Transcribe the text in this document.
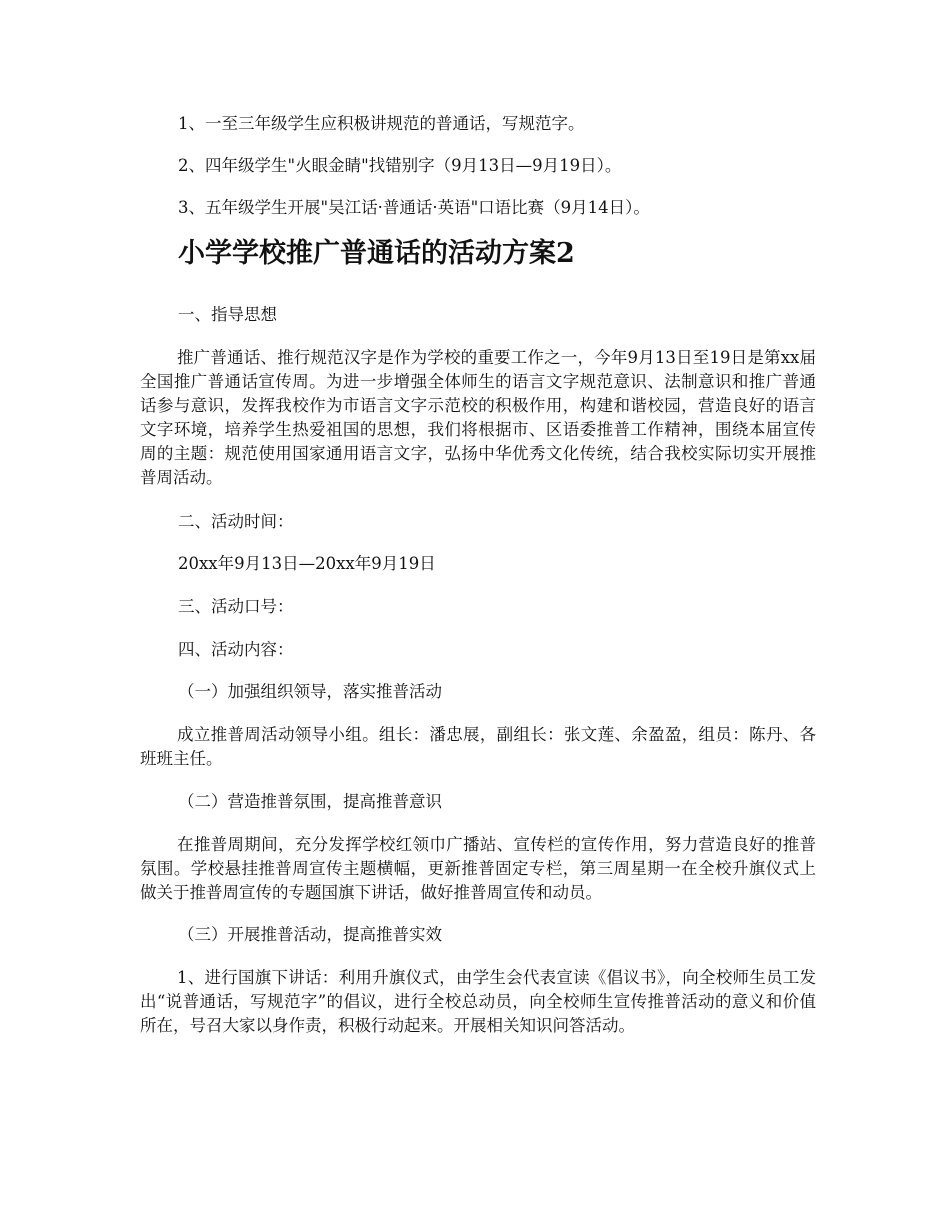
1、一至三年级学生应积极讲规范的普通话，写规范字。

2、四年级学生"火眼金睛"找错别字（9月13日—9月19日）。

3、五年级学生开展"吴江话·普通话·英语"口语比赛（9月14日）。

小学学校推广普通话的活动方案2

一、指导思想

推广普通话、推行规范汉字是作为学校的重要工作之一，今年9月13日至19日是第xx届全国推广普通话宣传周。为进一步增强全体师生的语言文字规范意识、法制意识和推广普通话参与意识，发挥我校作为市语言文字示范校的积极作用，构建和谐校园，营造良好的语言文字环境，培养学生热爱祖国的思想，我们将根据市、区语委推普工作精神，围绕本届宣传周的主题：规范使用国家通用语言文字，弘扬中华优秀文化传统，结合我校实际切实开展推普周活动。

二、活动时间：

20xx年9月13日—20xx年9月19日

三、活动口号：

四、活动内容：

（一）加强组织领导，落实推普活动

成立推普周活动领导小组。组长：潘忠展，副组长：张文莲、余盈盈，组员：陈丹、各班班主任。

（二）营造推普氛围，提高推普意识

在推普周期间，充分发挥学校红领巾广播站、宣传栏的宣传作用，努力营造良好的推普氛围。学校悬挂推普周宣传主题横幅，更新推普固定专栏，第三周星期一在全校升旗仪式上做关于推普周宣传的专题国旗下讲话，做好推普周宣传和动员。

（三）开展推普活动，提高推普实效

1、进行国旗下讲话：利用升旗仪式，由学生会代表宣读《倡议书》，向全校师生员工发出“说普通话，写规范字”的倡议，进行全校总动员，向全校师生宣传推普活动的意义和价值所在，号召大家以身作责，积极行动起来。开展相关知识问答活动。
